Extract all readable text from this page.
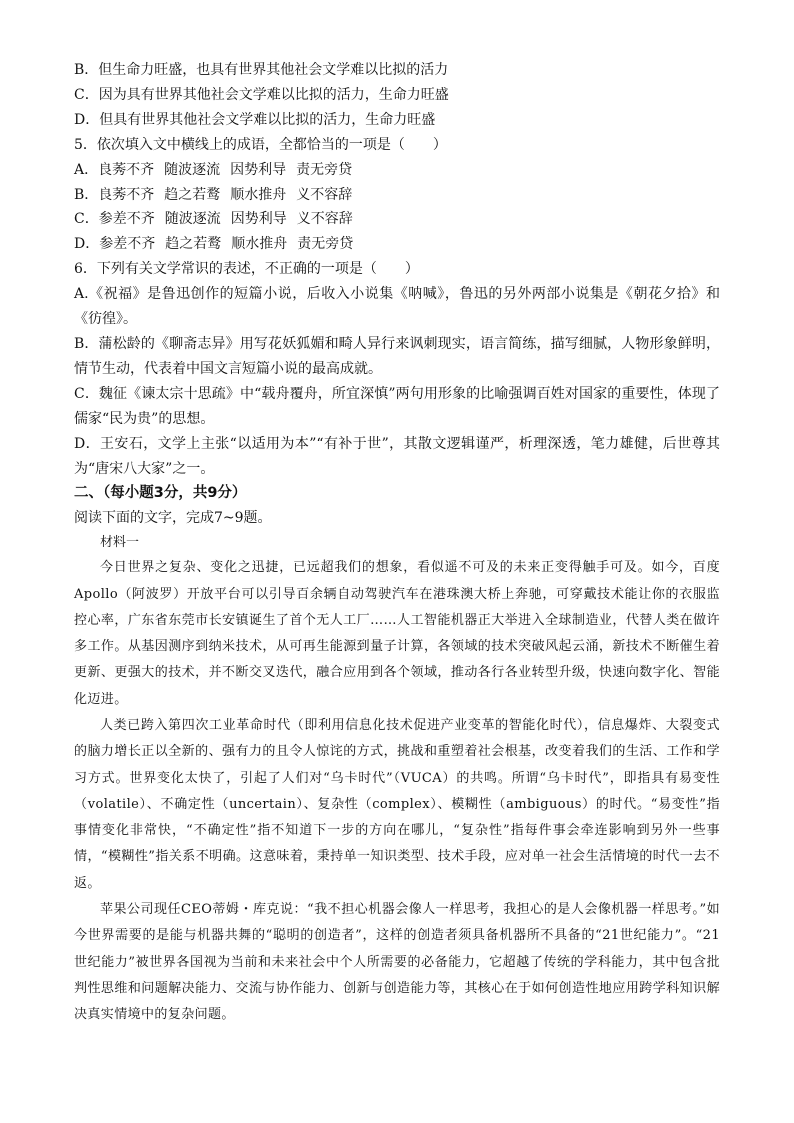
B．但生命力旺盛，也具有世界其他社会文学难以比拟的活力
C．因为具有世界其他社会文学难以比拟的活力，生命力旺盛
D．但具有世界其他社会文学难以比拟的活力，生命力旺盛
5．依次填入文中横线上的成语，全都恰当的一项是（　　）
A．良莠不齐 随波逐流 因势利导 责无旁贷
B．良莠不齐 趋之若鹜 顺水推舟 义不容辞
C．参差不齐 随波逐流 因势利导 义不容辞
D．参差不齐 趋之若鹜 顺水推舟 责无旁贷
6．下列有关文学常识的表述，不正确的一项是（　　）
A.《祝福》是鲁迅创作的短篇小说，后收入小说集《呐喊》，鲁迅的另外两部小说集是《朝花夕拾》和《彷徨》。
B．蒲松龄的《聊斋志异》用写花妖狐媚和畸人异行来讽刺现实，语言简练，描写细腻，人物形象鲜明，情节生动，代表着中国文言短篇小说的最高成就。
C．魏征《谏太宗十思疏》中“载舟覆舟，所宜深慎”两句用形象的比喻强调百姓对国家的重要性，体现了儒家“民为贵”的思想。
D．王安石，文学上主张“以适用为本”“有补于世”，其散文逻辑谨严，析理深透，笔力雄健，后世尊其为“唐宋八大家”之一。
二、（每小题3分，共9分）
阅读下面的文字，完成7~9题。
材料一
今日世界之复杂、变化之迅捷，已远超我们的想象，看似遥不可及的未来正变得触手可及。如今，百度Apollo（阿波罗）开放平台可以引导百余辆自动驾驶汽车在港珠澳大桥上奔驰，可穿戴技术能让你的衣服监控心率，广东省东莞市长安镇诞生了首个无人工厂……人工智能机器正大举进入全球制造业，代替人类在做许多工作。从基因测序到纳米技术，从可再生能源到量子计算，各领域的技术突破风起云涌，新技术不断催生着更新、更强大的技术，并不断交叉迭代，融合应用到各个领域，推动各行各业转型升级，快速向数字化、智能化迈进。
人类已跨入第四次工业革命时代（即利用信息化技术促进产业变革的智能化时代），信息爆炸、大裂变式的脑力增长正以全新的、强有力的且令人惊诧的方式，挑战和重塑着社会根基，改变着我们的生活、工作和学习方式。世界变化太快了，引起了人们对“乌卡时代”（VUCA）的共鸣。所谓“乌卡时代”，即指具有易变性（volatile）、不确定性（uncertain）、复杂性（complex）、模糊性（ambiguous）的时代。“易变性”指事情变化非常快，“不确定性”指不知道下一步的方向在哪儿，“复杂性”指每件事会牵连影响到另外一些事情，“模糊性”指关系不明确。这意味着，秉持单一知识类型、技术手段，应对单一社会生活情境的时代一去不返。
苹果公司现任CEO蒂姆・库克说：“我不担心机器会像人一样思考，我担心的是人会像机器一样思考。”如今世界需要的是能与机器共舞的“聪明的创造者”，这样的创造者须具备机器所不具备的“21世纪能力”。“21世纪能力”被世界各国视为当前和未来社会中个人所需要的必备能力，它超越了传统的学科能力，其中包含批判性思维和问题解决能力、交流与协作能力、创新与创造能力等，其核心在于如何创造性地应用跨学科知识解决真实情境中的复杂问题。
